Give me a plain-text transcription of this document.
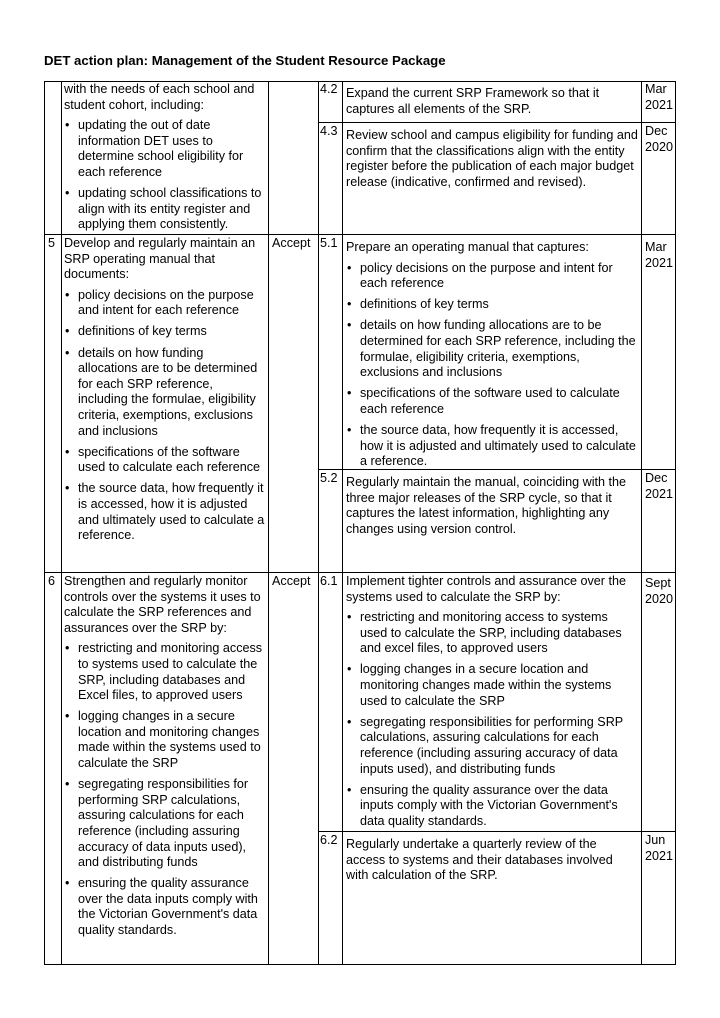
DET action plan: Management of the Student Resource Package

with the needs of each school and student cohort, including:

• updating the out of date information DET uses to determine school eligibility for each reference
• updating school classifications to align with its entity register and applying them consistently.
4.2 Expand the current SRP Framework so that it captures all elements of the SRP.
Mar 2021
4.3 Review school and campus eligibility for funding and confirm that the classifications align with the entity register before the publication of each major budget release (indicative, confirmed and revised).
Dec 2020
5 Develop and regularly maintain an SRP operating manual that documents:

• policy decisions on the purpose and intent for each reference
• definitions of key terms
• details on how funding allocations are to be determined for each SRP reference, including the formulae, eligibility criteria, exemptions, exclusions and inclusions
• specifications of the software used to calculate each reference
• the source data, how frequently it is accessed, how it is adjusted and ultimately used to calculate a reference.
Accept 5.1 Prepare an operating manual that captures:

• policy decisions on the purpose and intent for each reference
• definitions of key terms
• details on how funding allocations are to be determined for each SRP reference, including the formulae, eligibility criteria, exemptions, exclusions and inclusions
• specifications of the software used to calculate each reference
• the source data, how frequently it is accessed, how it is adjusted and ultimately used to calculate a reference.
Mar 2021
5.2 Regularly maintain the manual, coinciding with the three major releases of the SRP cycle, so that it captures the latest information, highlighting any changes using version control.
Dec 2021
6 Strengthen and regularly monitor controls over the systems it uses to calculate the SRP references and assurances over the SRP by:

• restricting and monitoring access to systems used to calculate the SRP, including databases and Excel files, to approved users
• logging changes in a secure location and monitoring changes made within the systems used to calculate the SRP
• segregating responsibilities for performing SRP calculations, assuring calculations for each reference (including assuring accuracy of data inputs used), and distributing funds
• ensuring the quality assurance over the data inputs comply with the Victorian Government's data quality standards.
Accept 6.1 Implement tighter controls and assurance over the systems used to calculate the SRP by:

• restricting and monitoring access to systems used to calculate the SRP, including databases and excel files, to approved users
• logging changes in a secure location and monitoring changes made within the systems used to calculate the SRP
• segregating responsibilities for performing SRP calculations, assuring calculations for each reference (including assuring accuracy of data inputs used), and distributing funds
• ensuring the quality assurance over the data inputs comply with the Victorian Government's data quality standards.
Sept 2020
6.2 Regularly undertake a quarterly review of the access to systems and their databases involved with calculation of the SRP.
Jun 2021
